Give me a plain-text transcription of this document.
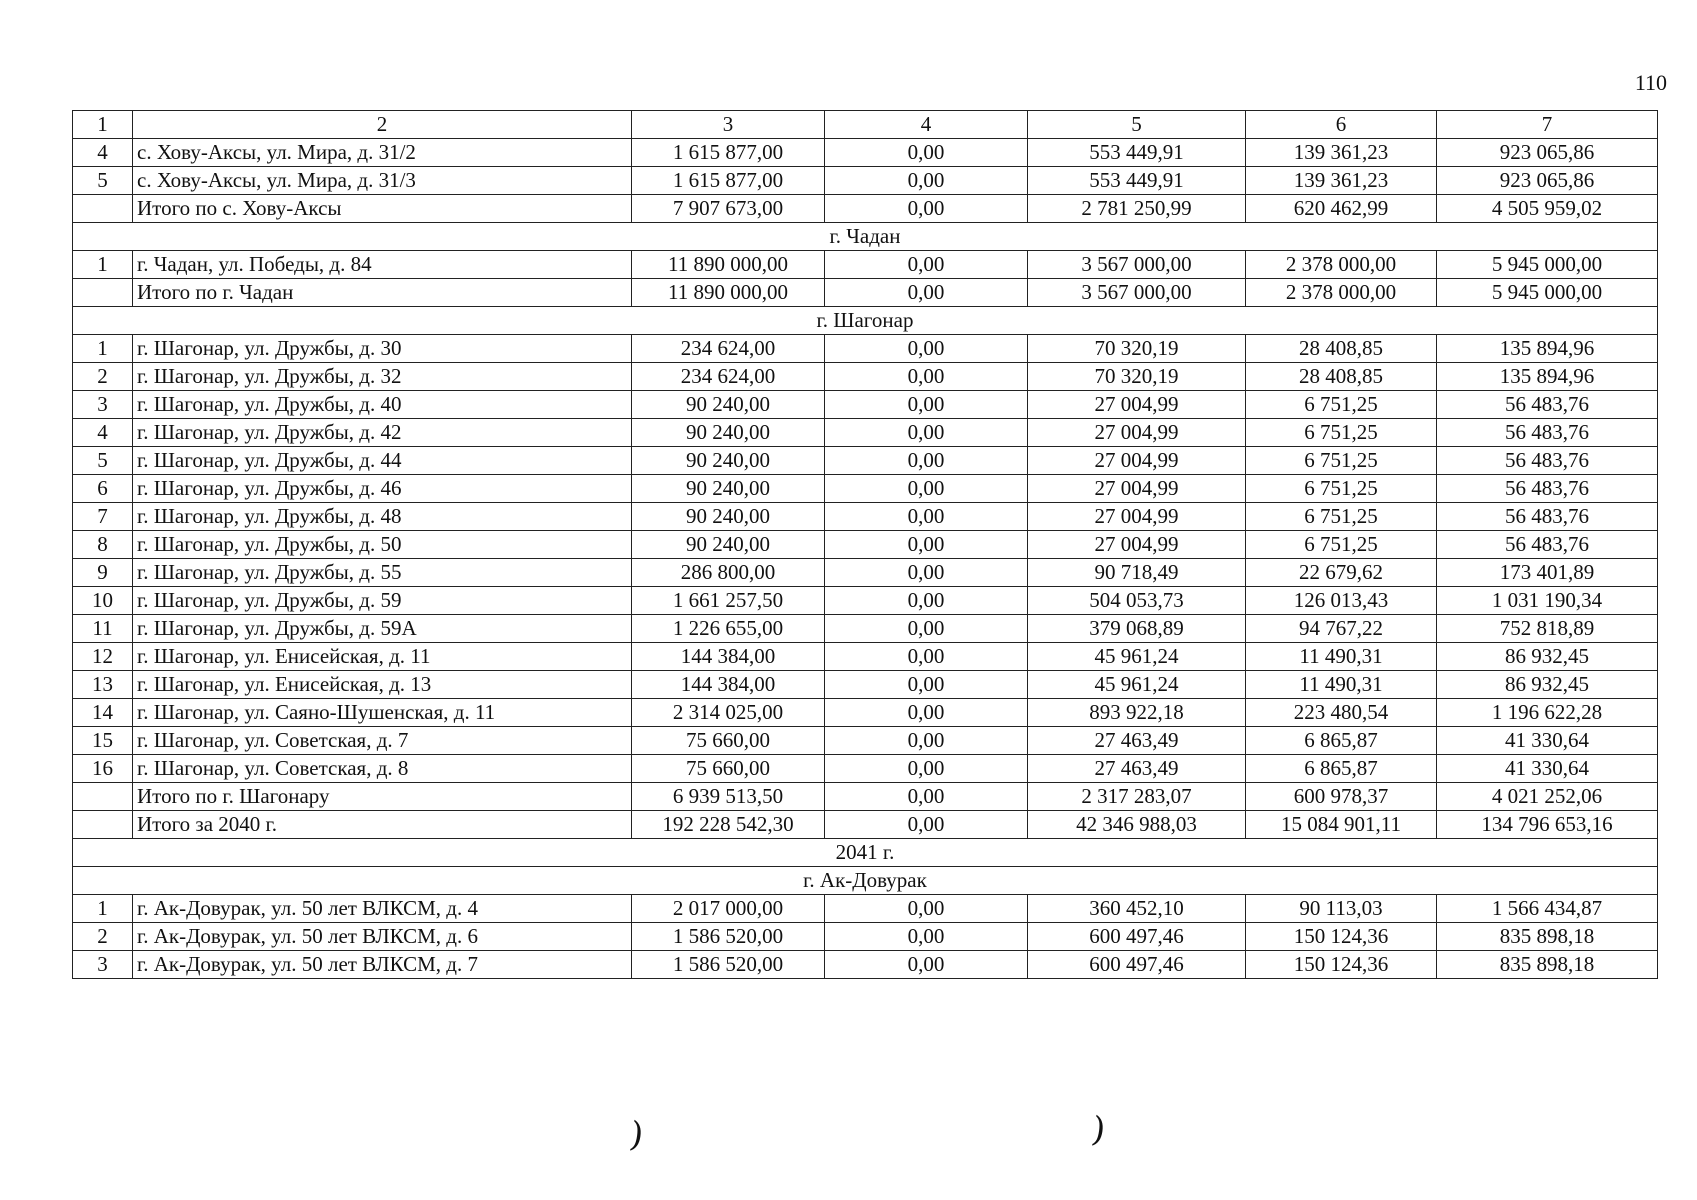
110
1	2	3	4	5	6	7
4	с. Хову-Аксы, ул. Мира, д. 31/2	1 615 877,00	0,00	553 449,91	139 361,23	923 065,86
5	с. Хову-Аксы, ул. Мира, д. 31/3	1 615 877,00	0,00	553 449,91	139 361,23	923 065,86
	Итого по с. Хову-Аксы	7 907 673,00	0,00	2 781 250,99	620 462,99	4 505 959,02
г. Чадан						
1	г. Чадан, ул. Победы, д. 84	11 890 000,00	0,00	3 567 000,00	2 378 000,00	5 945 000,00
	Итого по г. Чадан	11 890 000,00	0,00	3 567 000,00	2 378 000,00	5 945 000,00
г. Шагонар						
1	г. Шагонар, ул. Дружбы, д. 30	234 624,00	0,00	70 320,19	28 408,85	135 894,96
2	г. Шагонар, ул. Дружбы, д. 32	234 624,00	0,00	70 320,19	28 408,85	135 894,96
3	г. Шагонар, ул. Дружбы, д. 40	90 240,00	0,00	27 004,99	6 751,25	56 483,76
4	г. Шагонар, ул. Дружбы, д. 42	90 240,00	0,00	27 004,99	6 751,25	56 483,76
5	г. Шагонар, ул. Дружбы, д. 44	90 240,00	0,00	27 004,99	6 751,25	56 483,76
6	г. Шагонар, ул. Дружбы, д. 46	90 240,00	0,00	27 004,99	6 751,25	56 483,76
7	г. Шагонар, ул. Дружбы, д. 48	90 240,00	0,00	27 004,99	6 751,25	56 483,76
8	г. Шагонар, ул. Дружбы, д. 50	90 240,00	0,00	27 004,99	6 751,25	56 483,76
9	г. Шагонар, ул. Дружбы, д. 55	286 800,00	0,00	90 718,49	22 679,62	173 401,89
10	г. Шагонар, ул. Дружбы, д. 59	1 661 257,50	0,00	504 053,73	126 013,43	1 031 190,34
11	г. Шагонар, ул. Дружбы, д. 59А	1 226 655,00	0,00	379 068,89	94 767,22	752 818,89
12	г. Шагонар, ул. Енисейская, д. 11	144 384,00	0,00	45 961,24	11 490,31	86 932,45
13	г. Шагонар, ул. Енисейская, д. 13	144 384,00	0,00	45 961,24	11 490,31	86 932,45
14	г. Шагонар, ул. Саяно-Шушенская, д. 11	2 314 025,00	0,00	893 922,18	223 480,54	1 196 622,28
15	г. Шагонар, ул. Советская, д. 7	75 660,00	0,00	27 463,49	6 865,87	41 330,64
16	г. Шагонар, ул. Советская, д. 8	75 660,00	0,00	27 463,49	6 865,87	41 330,64
	Итого по г. Шагонару	6 939 513,50	0,00	2 317 283,07	600 978,37	4 021 252,06
	Итого за 2040 г.	192 228 542,30	0,00	42 346 988,03	15 084 901,11	134 796 653,16
2041 г.						
г. Ак-Довурак						
1	г. Ак-Довурак, ул. 50 лет ВЛКСМ, д. 4	2 017 000,00	0,00	360 452,10	90 113,03	1 566 434,87
2	г. Ак-Довурак, ул. 50 лет ВЛКСМ, д. 6	1 586 520,00	0,00	600 497,46	150 124,36	835 898,18
3	г. Ак-Довурак, ул. 50 лет ВЛКСМ, д. 7	1 586 520,00	0,00	600 497,46	150 124,36	835 898,18
)	)
